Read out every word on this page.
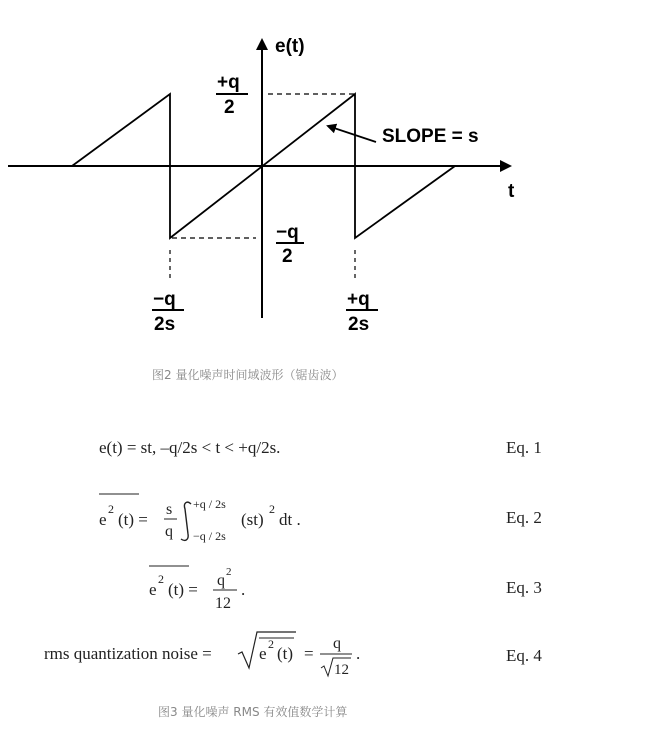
e(t)
t
SLOPE = s
+q
2
−q
2
−q
2s
+q
2s
图2 量化噪声时间域波形（锯齿波）
e(t) = st, –q/2s < t < +q/2s.	Eq. 1
e
2
(t) =
s
q
+q / 2s
−q / 2s
(st)
2
dt .	Eq. 2
e
2
(t) = q 2
12
.	Eq. 3
rms quantization noise =	e 2 (t) =
q
12
.	Eq. 4
图3 量化噪声 RMS 有效值数学计算
